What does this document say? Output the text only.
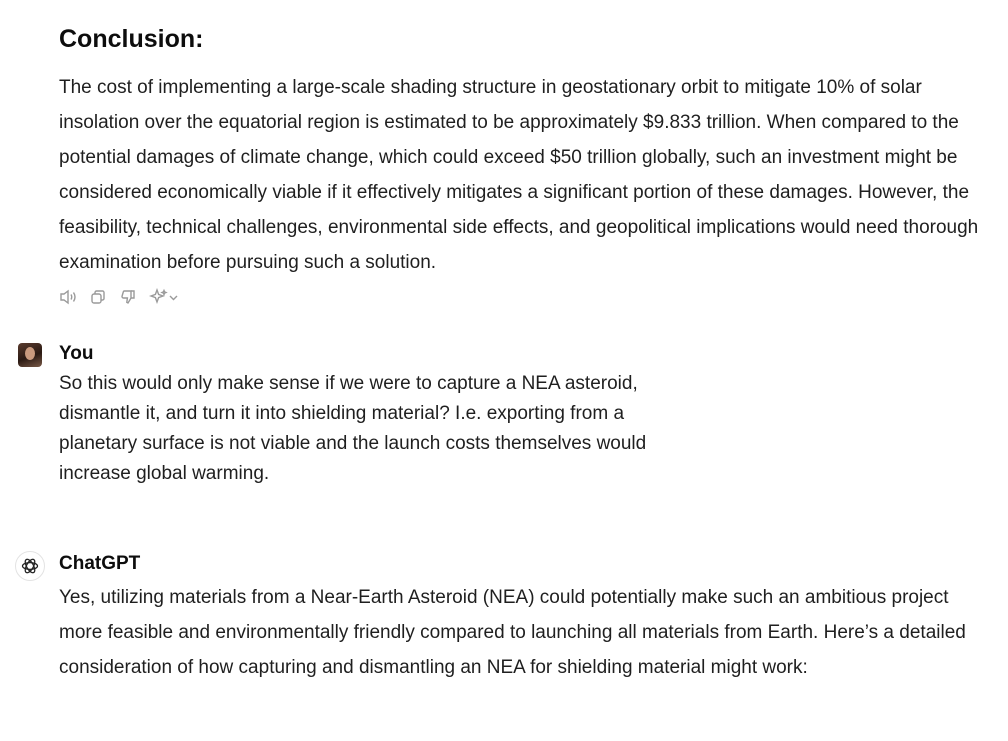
Conclusion:

The cost of implementing a large-scale shading structure in geostationary orbit to mitigate 10% of solar insolation over the equatorial region is estimated to be approximately $9.833 trillion. When compared to the potential damages of climate change, which could exceed $50 trillion globally, such an investment might be considered economically viable if it effectively mitigates a significant portion of these damages. However, the feasibility, technical challenges, environmental side effects, and geopolitical implications would need thorough examination before pursuing such a solution.

You

So this would only make sense if we were to capture a NEA asteroid, dismantle it, and turn it into shielding material? I.e. exporting from a planetary surface is not viable and the launch costs themselves would increase global warming.

ChatGPT

Yes, utilizing materials from a Near-Earth Asteroid (NEA) could potentially make such an ambitious project more feasible and environmentally friendly compared to launching all materials from Earth. Here’s a detailed consideration of how capturing and dismantling an NEA for shielding material might work:
